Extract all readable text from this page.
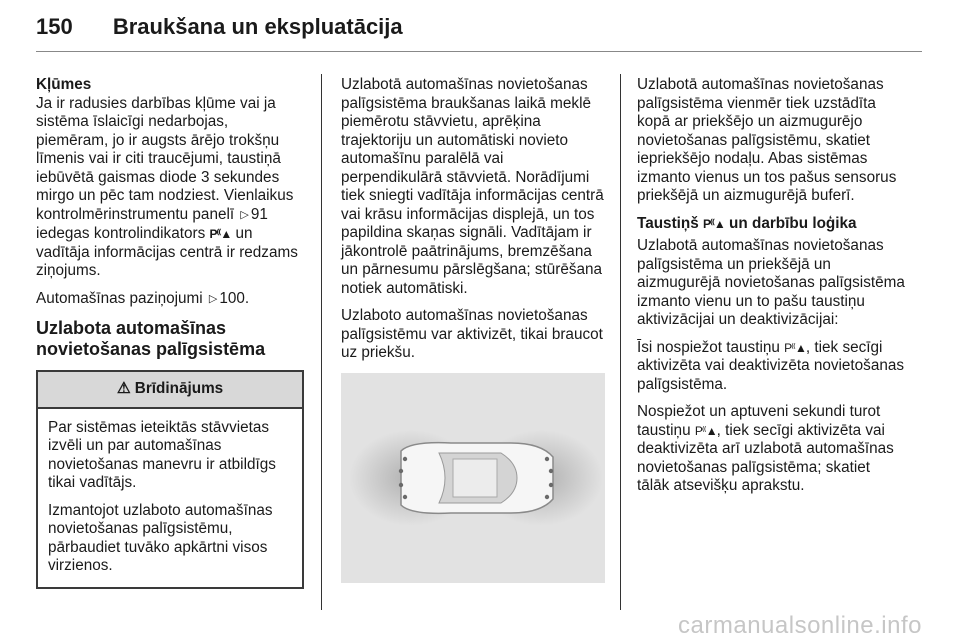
150 Braukšana un ekspluatācija
Kļūmes

Ja ir radusies darbības kļūme vai ja sistēma īslaicīgi nedarbojas, piemēram, jo ir augsts ārējo trokšņu līmenis vai ir citi traucējumi, taustiņā iebūvētā gaismas diode 3 sekundes mirgo un pēc tam nodziest. Vienlaikus kontrolmērinstrumentu panelī ▷ 91 iedegas kontrolindikators P⁽⁽▲ un vadītāja informācijas centrā ir redzams ziņojums.

Automašīnas paziņojumi ▷ 100.

Uzlabota automašīnas novietošanas palīgsistēma
⚠ Brīdinājums

Par sistēmas ieteiktās stāvvietas izvēli un par automašīnas novietošanas manevru ir atbildīgs tikai vadītājs.

Izmantojot uzlaboto automašīnas novietošanas palīgsistēmu, pārbaudiet tuvāko apkārtni visos virzienos.

Uzlabotā automašīnas novietošanas palīgsistēma braukšanas laikā meklē piemērotu stāvvietu, aprēķina trajektoriju un automātiski novieto automašīnu paralēlā vai perpendikulārā stāvvietā. Norādījumi tiek sniegti vadītāja informācijas centrā vai krāsu informācijas displejā, un tos papildina skaņas signāli. Vadītājam ir jākontrolē paātrinājums, bremzēšana un pārnesumu pārslēgšana; stūrēšana notiek automātiski.

Uzlaboto automašīnas novietošanas palīgsistēmu var aktivizēt, tikai braucot uz priekšu.

Uzlabotā automašīnas novietošanas palīgsistēma vienmēr tiek uzstādīta kopā ar priekšējo un aizmugurējo novietošanas palīgsistēmu, skatiet iepriekšējo nodaļu. Abas sistēmas izmanto vienus un tos pašus sensorus priekšējā un aizmugurējā buferī.

Taustiņš P⁽⁽▲ un darbību loģika

Uzlabotā automašīnas novietošanas palīgsistēma un priekšējā un aizmugurējā novietošanas palīgsistēma izmanto vienu un to pašu taustiņu aktivizācijai un deaktivizācijai:

Īsi nospiežot taustiņu P⁽⁽▲, tiek secīgi aktivizēta vai deaktivizēta novietošanas palīgsistēma.

Nospiežot un aptuveni sekundi turot taustiņu P⁽⁽▲, tiek secīgi aktivizēta vai deaktivizēta arī uzlabotā automašīnas novietošanas palīgsistēma; skatiet tālāk atsevišķu aprakstu.

carmanualsonline.info
